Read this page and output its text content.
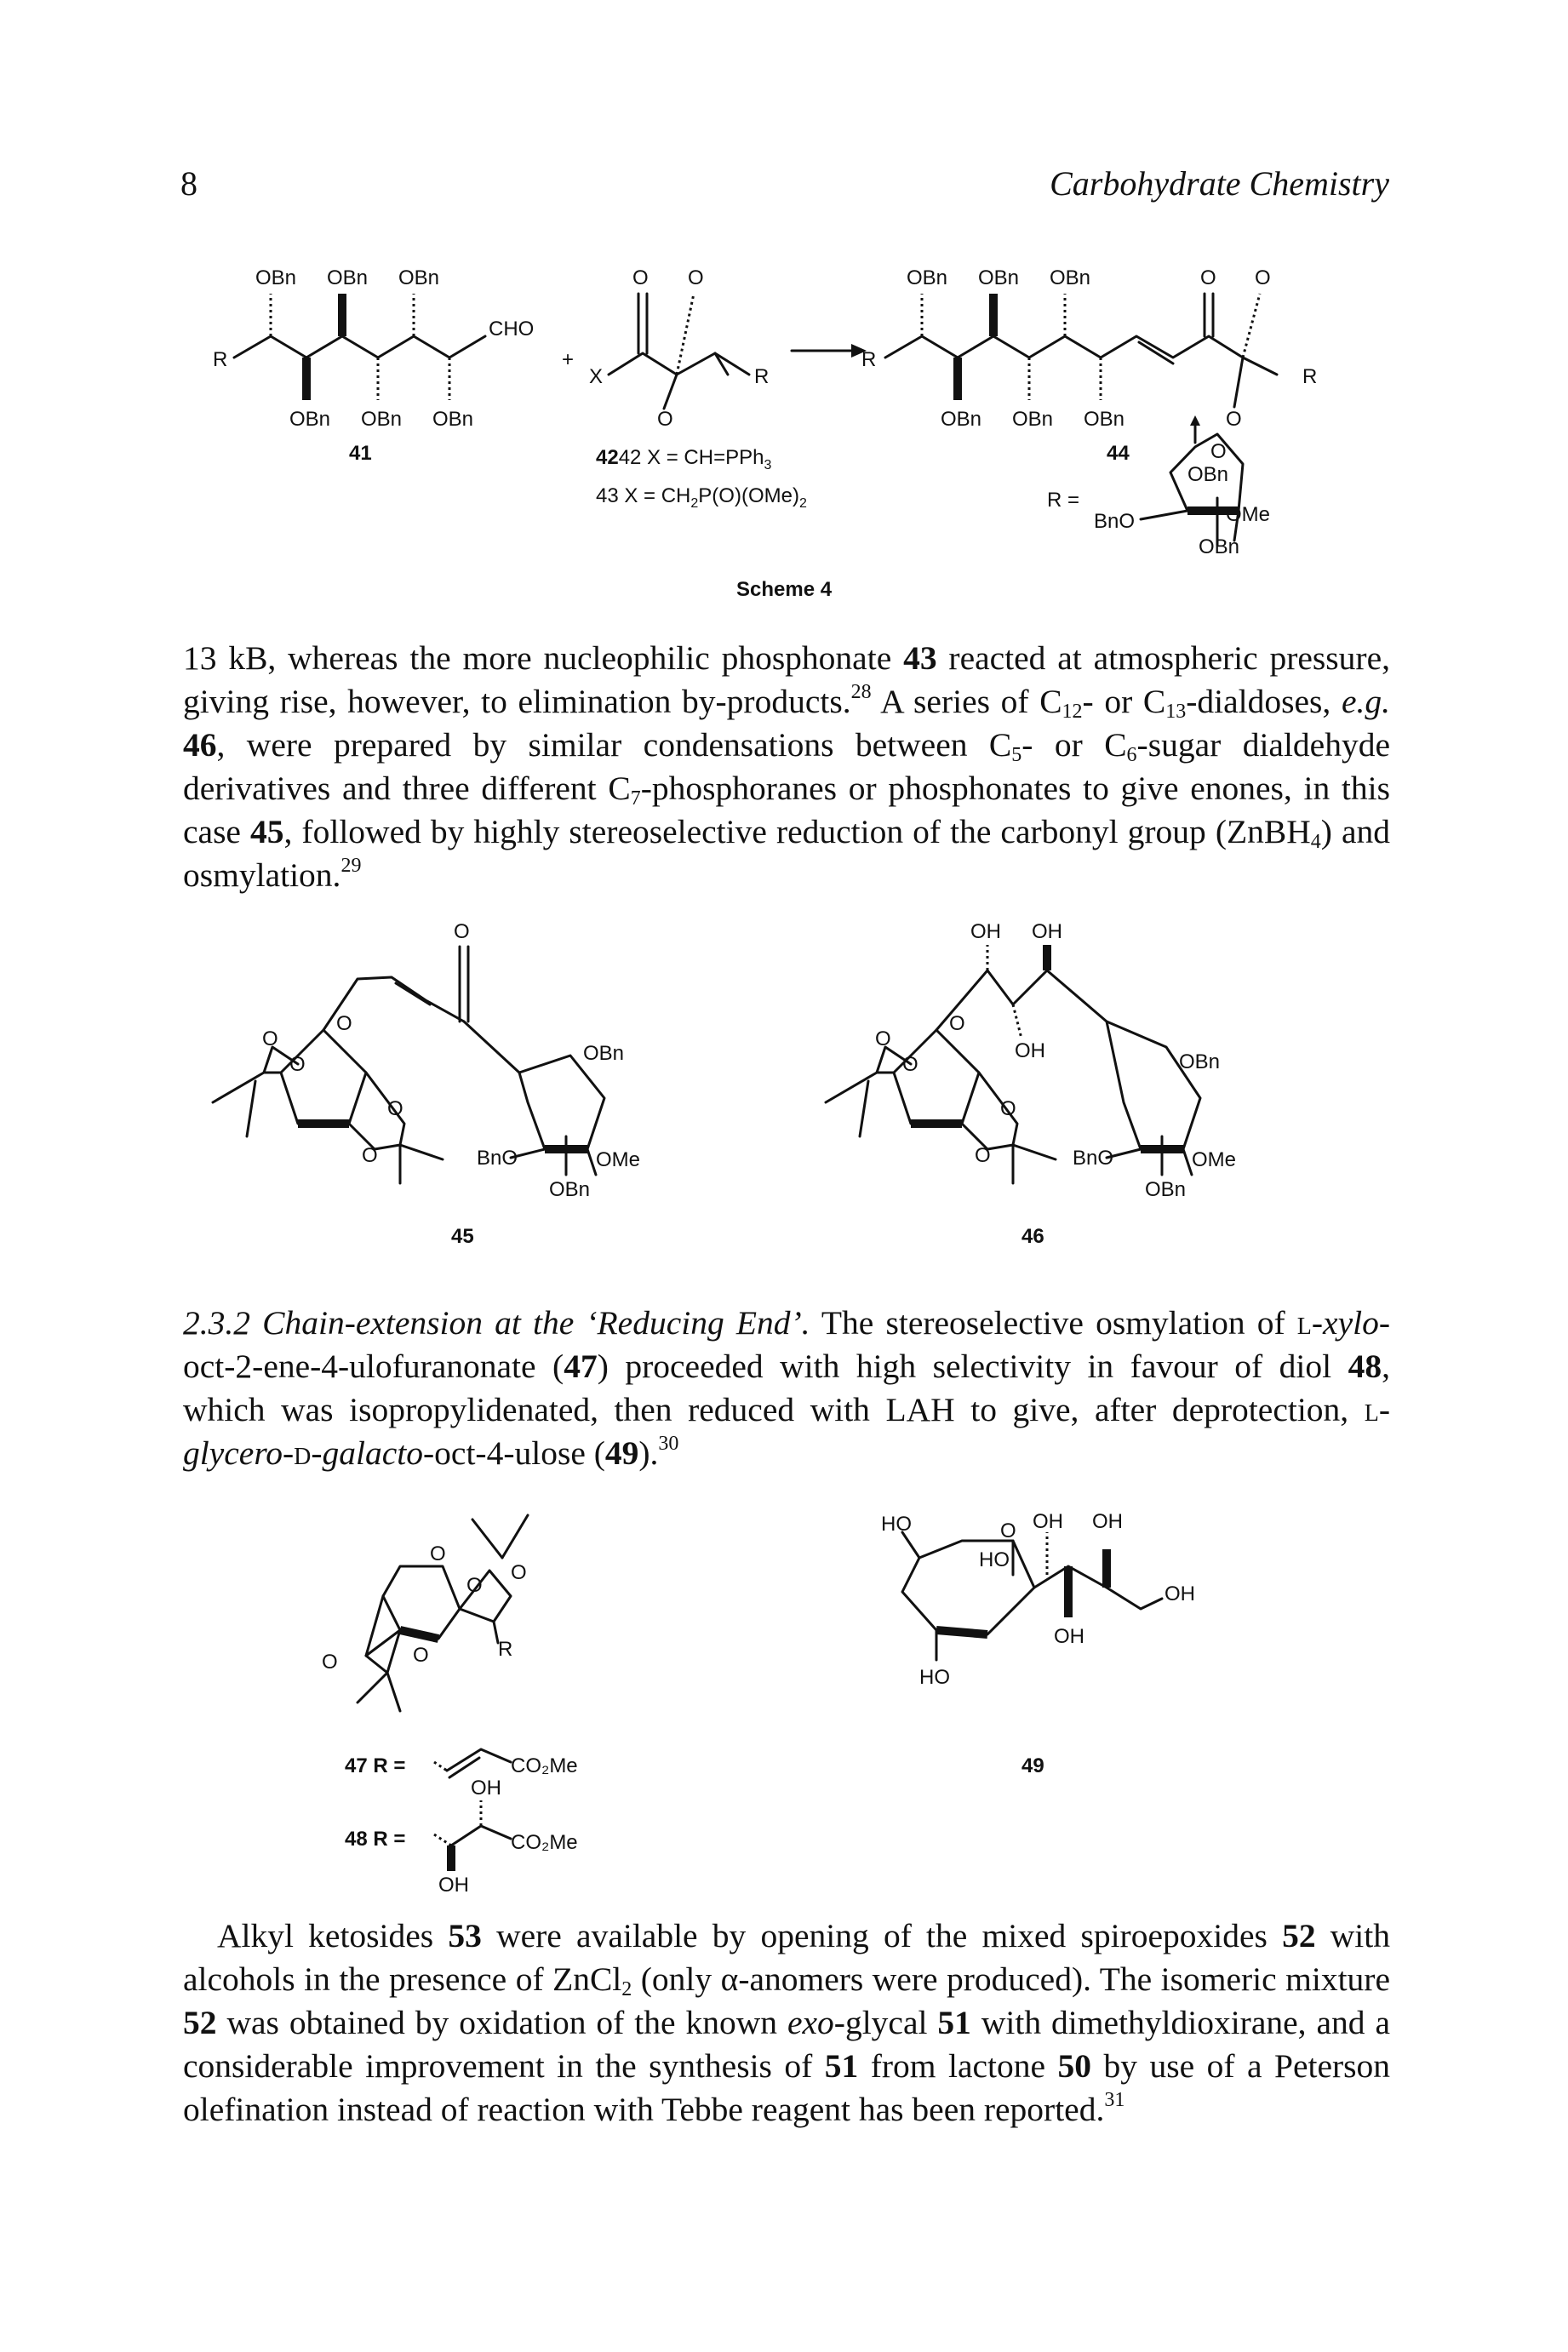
8	Carbohydrate Chemistry
OBn OBn OBn
OBn OBn OBn
CHO
R
41
+
O O
O
X	R
4242 X = CH=PPh$_3$
43 $X = CH_2P(O)(OMe)_2$
OBn OBn OBn
OBn OBn OBn
R
O O
O
R
44	O
OBn
BnO	OMe
OBn
R =
Scheme 4

13 kB, whereas the more nucleophilic phosphonate 43 reacted at atmospheric pressure, giving rise, however, to elimination by-products.$^{28}$ A series of $C_{12}-$ or $C_{13}$-dialdoses, e.g. 46, were prepared by similar condensations between $C_5-$ or $C_6$-sugar dialdehyde derivatives and three different $C_7$-phosphoranes or phosphonates to give enones, in this case 45, followed by highly stereoselective reduction of the carbonyl group (ZnBH$_4$) and osmylation.$^{29}$

O
O
O
O
O
O
OBn
BnO	OMe
OBn
45
OH OH
OH
O
O
O
O
O
OBn
BnO	OMe
OBn
46

2.3.2 Chain-extension at the ‘Reducing End’. The stereoselective osmylation of l-xylo-oct-2-ene-4-ulofuranonate (47) proceeded with high selectivity in favour of diol 48, which was isopropylidenated, then reduced with LAH to give, after deprotection, l-glycero-d-galacto-oct-4-ulose (49).$^{30}$

O
O
O
O	O	R
47 R =	CO₂Me
OH
48 R =	CO₂Me
OH
HO	O OH OH
HO
OH
OH
HO
49

Alkyl ketosides 53 were available by opening of the mixed spiroepoxides 52 with alcohols in the presence of ZnCl$_2$ (only α-anomers were produced). The isomeric mixture 52 was obtained by oxidation of the known exo-glycal 51 with dimethyldioxirane, and a considerable improvement in the synthesis of 51 from lactone 50 by use of a Peterson olefination instead of reaction with Tebbe reagent has been reported.$^{31}$
